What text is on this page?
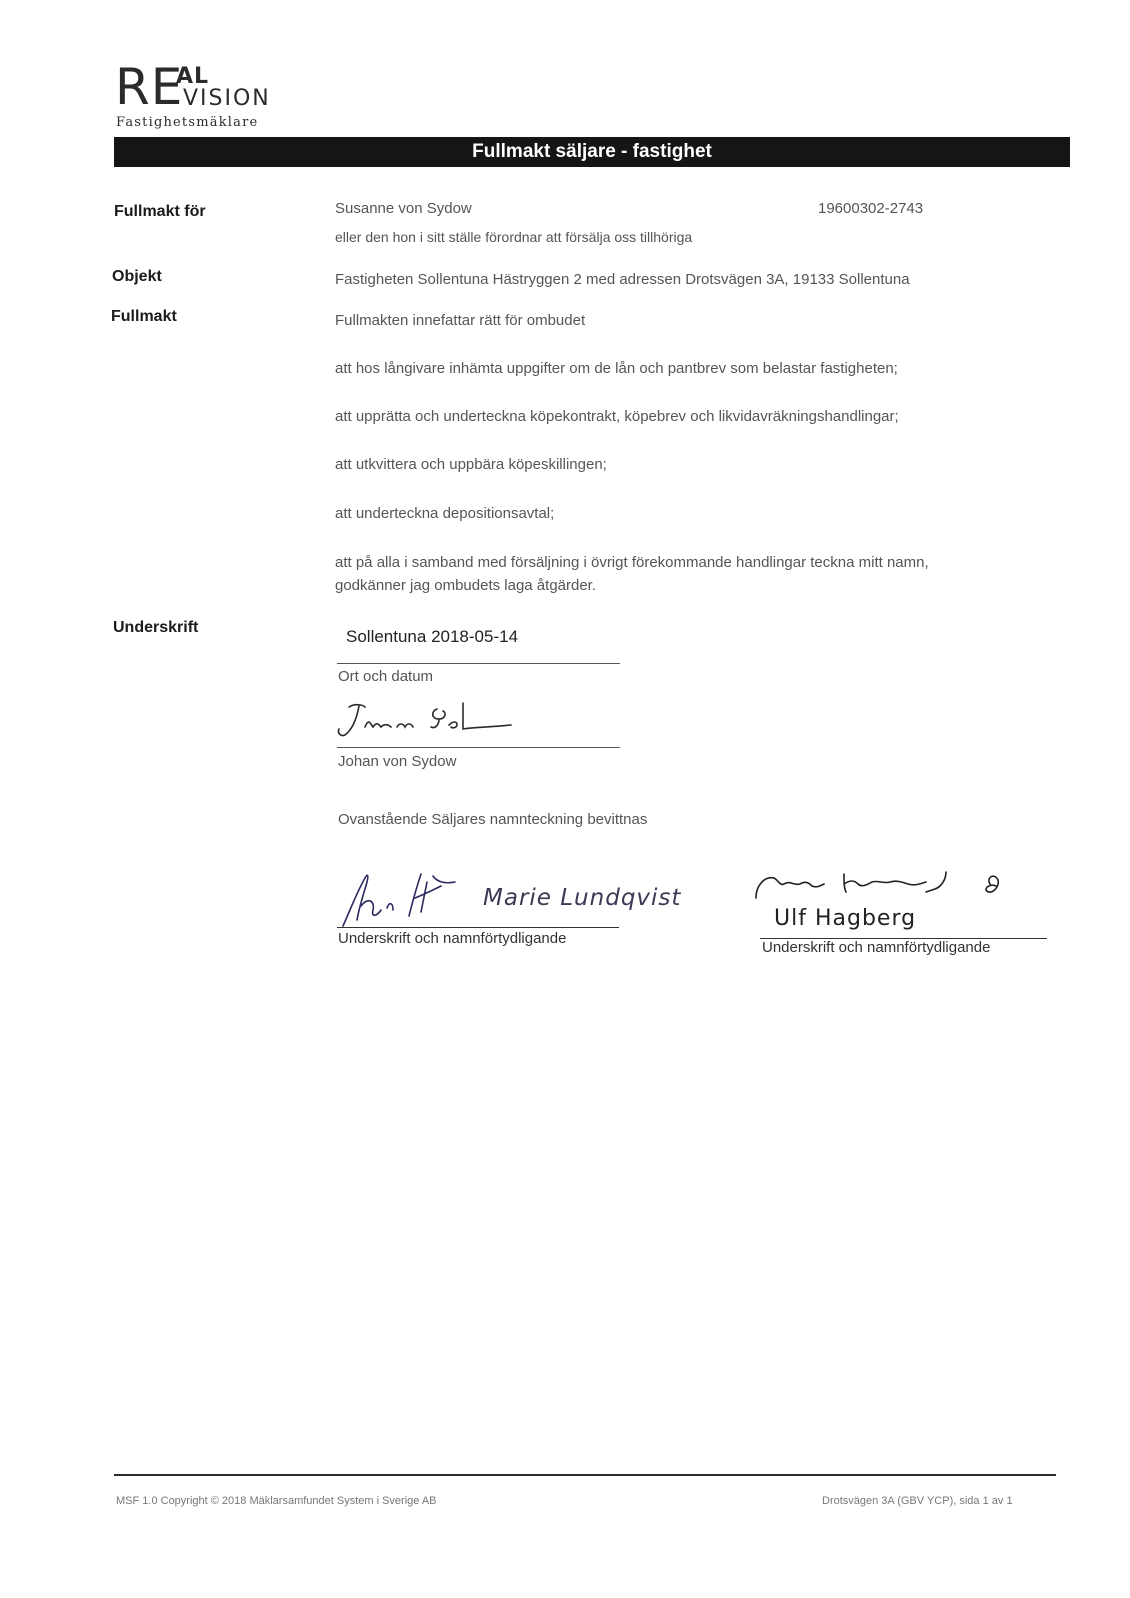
RE
AL
VISION
Fastighetsmäklare
Fullmakt säljare - fastighet
Fullmakt för
Objekt
Fullmakt
Underskrift
Susanne von Sydow	19600302-2743
eller den hon i sitt ställe förordnar att försälja oss tillhöriga
Fastigheten Sollentuna Hästryggen 2 med adressen Drotsvägen 3A, 19133 Sollentuna
Fullmakten innefattar rätt för ombudet
att hos långivare inhämta uppgifter om de lån och pantbrev som belastar fastigheten;
att upprätta och underteckna köpekontrakt, köpebrev och likvidavräkningshandlingar;
att utkvittera och uppbära köpeskillingen;
att underteckna depositionsavtal;
att på alla i samband med försäljning i övrigt förekommande handlingar teckna mitt namn,
godkänner jag ombudets laga åtgärder.
Sollentuna 2018-05-14
Ort och datum
Johan von Sydow
Ovanstående Säljares namnteckning bevittnas
Marie Lundqvist
Underskrift och namnförtydligande
Ulf Hagberg
Underskrift och namnförtydligande
MSF 1.0 Copyright © 2018 Mäklarsamfundet System i Sverige AB	Drotsvägen 3A (GBV YCP), sida 1 av 1
